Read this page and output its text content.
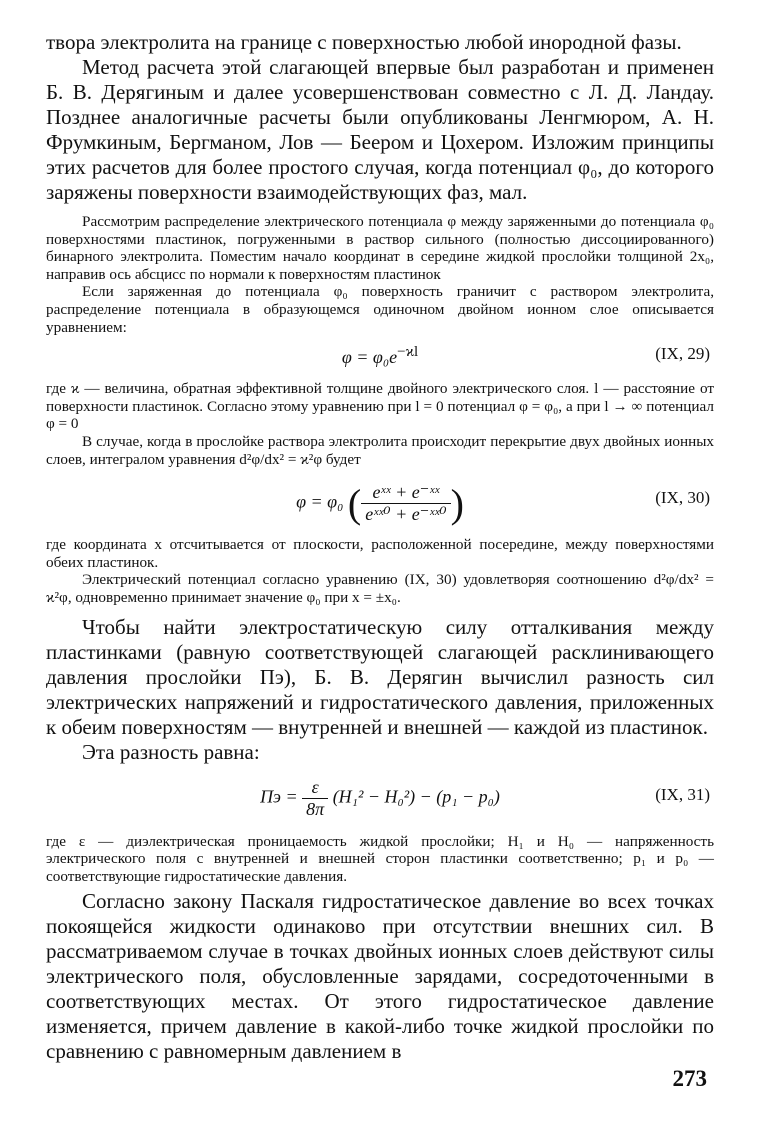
твора электролита на границе с поверхностью любой инородной фазы.

Метод расчета этой слагающей впервые был разработан и применен Б. В. Дерягиным и далее усовершенствован совместно с Л. Д. Ландау. Позднее аналогичные расчеты были опубликованы Ленгмюром, А. Н. Фрумкиным, Бергманом, Лов — Беером и Цохером. Изложим принципы этих расчетов для более простого случая, когда потенциал φ₀, до которого заряжены поверхности взаимодействующих фаз, мал.

Рассмотрим распределение электрического потенциала φ между заряженными до потенциала φ₀ поверхностями пластинок, погруженными в раствор сильного (полностью диссоциированного) бинарного электролита. Поместим начало координат в середине жидкой прослойки толщиной 2x₀, направив ось абсцисс по нормали к поверхностям пластинок

Если заряженная до потенциала φ₀ поверхность граничит с раствором электролита, распределение потенциала в образующемся одиночном двойном ионном слое описывается уравнением:

$\varphi = \varphi_0e^{-ϰl}$	(IX, 29)

где ϰ — величина, обратная эффективной толщине двойного электрического слоя. l — расстояние от поверхности пластинок. Согласно этому уравнению при l = 0 потенциал φ = φ₀, а при l → ∞ потенциал φ = 0

В случае, когда в прослойке раствора электролита происходит перекрытие двух двойных ионных слоев, интегралом уравнения d²φ/dx² = ϰ²φ будет

φ = φ₀ ( $\frac{\text{eˣˣ + e⁻ˣˣ}}{\text{eˣˣ⁰ + e⁻ˣˣ⁰}}$ )	(IX, 30)

где координата x отсчитывается от плоскости, расположенной посередине, между поверхностями обеих пластинок.

Электрический потенциал согласно уравнению (IX, 30) удовлетворяя соотношению d²φ/dx² = ϰ²φ, одновременно принимает значение φ₀ при x = ±x₀.

Чтобы найти электростатическую силу отталкивания между пластинками (равную соответствующей слагающей расклинивающего давления прослойки Πэ), Б. В. Дерягин вычислил разность сил электрических напряжений и гидростатического давления, приложенных к обеим поверхностям — внутренней и внешней — каждой из пластинок.

Эта разность равна:

$\Pi э = \frac{\varepsilon}{8\pi} (H_1^2 - H_0^2) - (p_1 - p_0)$	(IX, 31)

где ε — диэлектрическая проницаемость жидкой прослойки; H₁ и H₀ — напряженность электрического поля с внутренней и внешней сторон пластинки соответственно; p₁ и p₀ — соответствующие гидростатические давления.

Согласно закону Паскаля гидростатическое давление во всех точках покоящейся жидкости одинаково при отсутствии внешних сил. В рассматриваемом случае в точках двойных ионных слоев действуют силы электрического поля, обусловленные зарядами, сосредоточенными в соответствующих местах. От этого гидростатическое давление изменяется, причем давление в какой-либо точке жидкой прослойки по сравнению с равномерным давлением в

273
